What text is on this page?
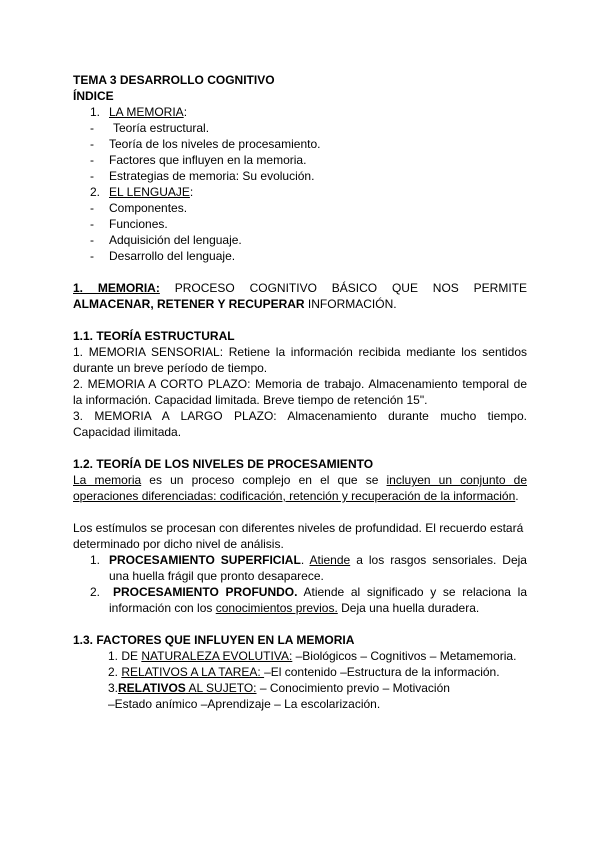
TEMA 3 DESARROLLO COGNITIVO
ÍNDICE
1. LA MEMORIA:
-	Teoría estructural.
-	Teoría de los niveles de procesamiento.
-	Factores que influyen en la memoria.
-	Estrategias de memoria: Su evolución.
2. EL LENGUAJE:
-	Componentes.
-	Funciones.
-	Adquisición del lenguaje.
-	Desarrollo del lenguaje.
1. MEMORIA: PROCESO COGNITIVO BÁSICO QUE NOS PERMITE
ALMACENAR, RETENER Y RECUPERAR INFORMACIÓN.
1.1. TEORÍA ESTRUCTURAL
1. MEMORIA SENSORIAL: Retiene la información recibida mediante los sentidos
durante un breve período de tiempo.
2. MEMORIA A CORTO PLAZO: Memoria de trabajo. Almacenamiento temporal de
la información. Capacidad limitada. Breve tiempo de retención 15".
3. MEMORIA A LARGO PLAZO: Almacenamiento durante mucho tiempo.
Capacidad ilimitada.
1.2. TEORÍA DE LOS NIVELES DE PROCESAMIENTO
La memoria es un proceso complejo en el que se incluyen un conjunto de
operaciones diferenciadas: codificación, retención y recuperación de la información.
Los estímulos se procesan con diferentes niveles de profundidad. El recuerdo estará
determinado por dicho nivel de análisis.
1. PROCESAMIENTO SUPERFICIAL. Atiende a los rasgos sensoriales. Deja
una huella frágil que pronto desaparece.
2.	PROCESAMIENTO PROFUNDO. Atiende al significado y se relaciona la
información con los conocimientos previos. Deja una huella duradera.
1.3. FACTORES QUE INFLUYEN EN LA MEMORIA
1. DE NATURALEZA EVOLUTIVA: –Biológicos – Cognitivos – Metamemoria.
2. RELATIVOS A LA TAREA: –El contenido –Estructura de la información.
3.RELATIVOS AL SUJETO: – Conocimiento previo – Motivación
–Estado anímico –Aprendizaje – La escolarización.
